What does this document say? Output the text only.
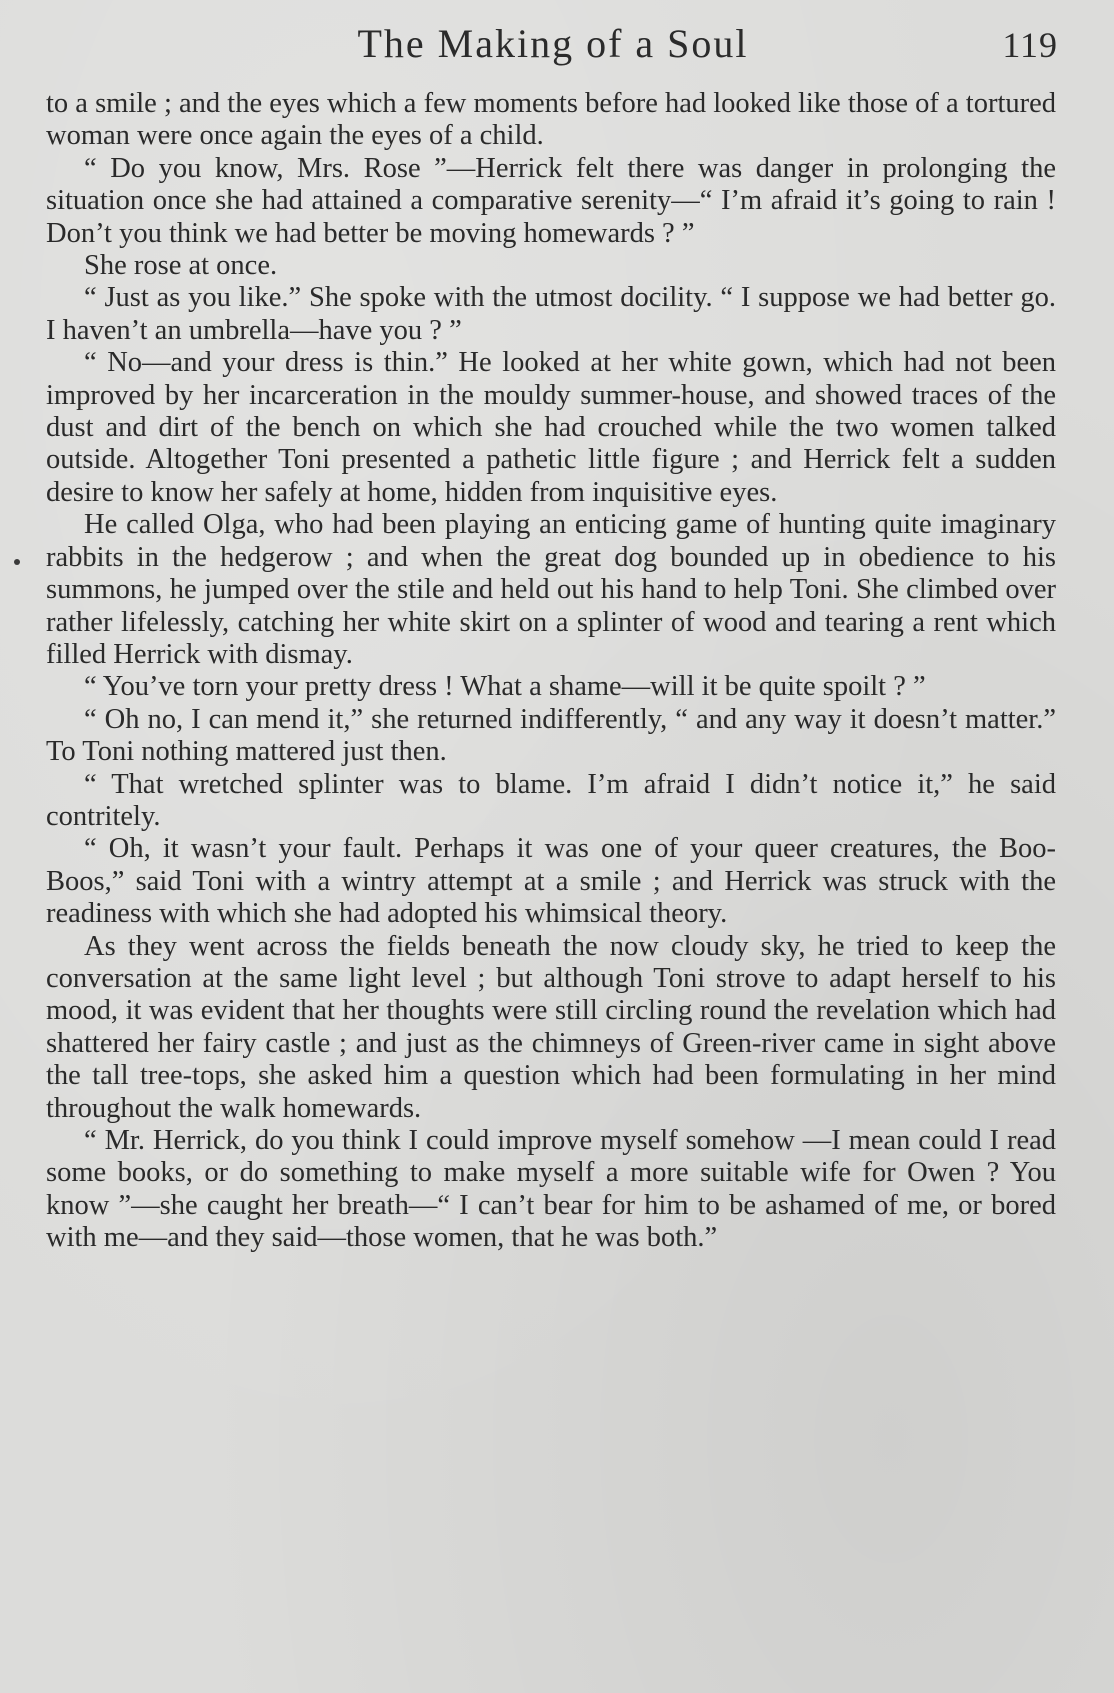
The Making of a Soul	119

to a smile ; and the eyes which a few moments before had looked like those of a tortured woman were once again the eyes of a child.

“ Do you know, Mrs. Rose ”—Herrick felt there was danger in prolonging the situation once she had attained a comparative serenity—“ I’m afraid it’s going to rain ! Don’t you think we had better be moving homewards ? ”

She rose at once.

“ Just as you like.” She spoke with the utmost docility. “ I suppose we had better go. I haven’t an umbrella—have you ? ”

“ No—and your dress is thin.” He looked at her white gown, which had not been improved by her incarceration in the mouldy summer-house, and showed traces of the dust and dirt of the bench on which she had crouched while the two women talked outside. Altogether Toni presented a pathetic little figure ; and Herrick felt a sudden desire to know her safely at home, hidden from inquisitive eyes.

He called Olga, who had been playing an enticing game of hunting quite imaginary rabbits in the hedgerow ; and when the great dog bounded up in obedience to his summons, he jumped over the stile and held out his hand to help Toni. She climbed over rather lifelessly, catching her white skirt on a splinter of wood and tearing a rent which filled Herrick with dismay.

“ You’ve torn your pretty dress ! What a shame—will it be quite spoilt ? ”

“ Oh no, I can mend it,” she returned indifferently, “ and any way it doesn’t matter.” To Toni nothing mattered just then.

“ That wretched splinter was to blame. I’m afraid I didn’t notice it,” he said contritely.

“ Oh, it wasn’t your fault. Perhaps it was one of your queer creatures, the Boo-Boos,” said Toni with a wintry attempt at a smile ; and Herrick was struck with the readiness with which she had adopted his whimsical theory.

As they went across the fields beneath the now cloudy sky, he tried to keep the conversation at the same light level ; but although Toni strove to adapt herself to his mood, it was evident that her thoughts were still circling round the revelation which had shattered her fairy castle ; and just as the chimneys of Green-river came in sight above the tall tree-tops, she asked him a question which had been formulating in her mind throughout the walk homewards.

“ Mr. Herrick, do you think I could improve myself somehow —I mean could I read some books, or do something to make myself a more suitable wife for Owen ? You know ”—she caught her breath—“ I can’t bear for him to be ashamed of me, or bored with me—and they said—those women, that he was both.”
